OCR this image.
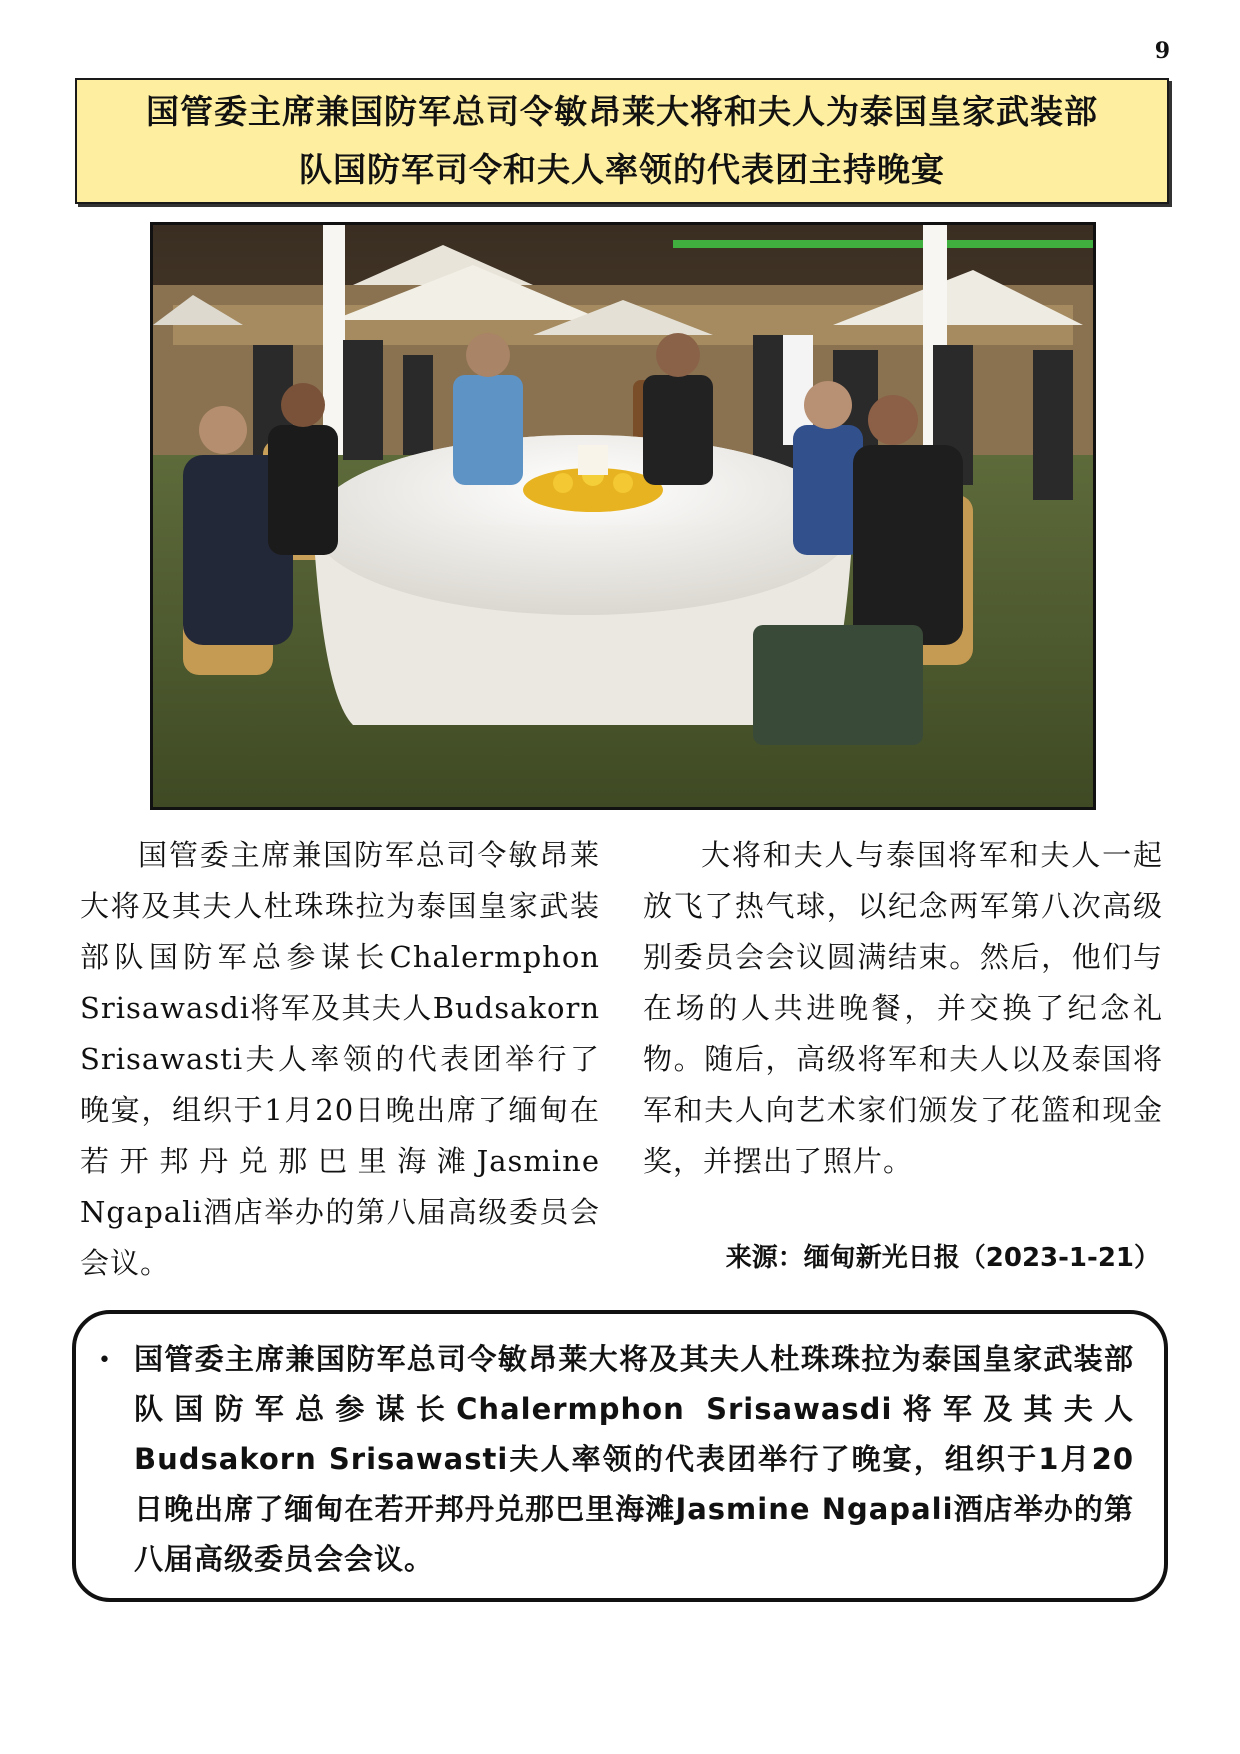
9
国管委主席兼国防军总司令敏昂莱大将和夫人为泰国皇家武装部
队国防军司令和夫人率领的代表团主持晚宴
国管委主席兼国防军总司令敏昂莱大将及其夫人杜珠珠拉为泰国皇家武装部队国防军总参谋长Chalermphon Srisawasdi将军及其夫人Budsakorn Srisawasti夫人率领的代表团举行了晚宴，组织于1月20日晚出席了缅甸在若开邦丹兑那巴里海滩Jasmine Ngapali酒店举办的第八届高级委员会会议。
大将和夫人与泰国将军和夫人一起放飞了热气球，以纪念两军第八次高级别委员会会议圆满结束。然后，他们与在场的人共进晚餐，并交换了纪念礼物。随后，高级将军和夫人以及泰国将军和夫人向艺术家们颁发了花篮和现金奖，并摆出了照片。
来源：缅甸新光日报（2023-1-21）
• 国管委主席兼国防军总司令敏昂莱大将及其夫人杜珠珠拉为泰国皇家武装部队国防军总参谋长Chalermphon Srisawasdi将军及其夫人Budsakorn Srisawasti夫人率领的代表团举行了晚宴，组织于1月20日晚出席了缅甸在若开邦丹兑那巴里海滩Jasmine Ngapali酒店举办的第八届高级委员会会议。
